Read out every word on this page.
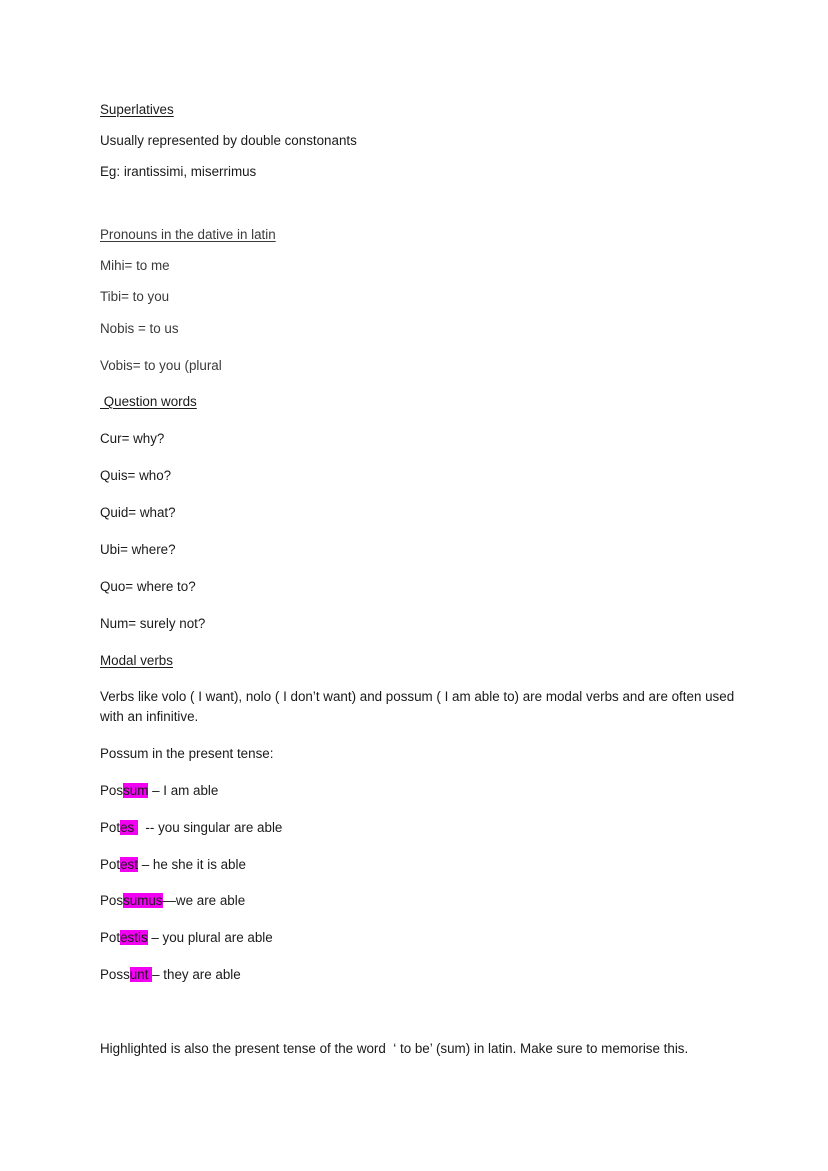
Superlatives
Usually represented by double constonants
Eg: irantissimi, miserrimus
Pronouns in the dative in latin
Mihi= to me
Tibi= to you
Nobis = to us
Vobis= to you (plural
Question words
Cur= why?
Quis= who?
Quid= what?
Ubi= where?
Quo= where to?
Num= surely not?
Modal verbs
Verbs like volo ( I want), nolo ( I don’t want) and possum ( I am able to) are modal verbs and are often used with an infinitive.
Possum in the present tense:
Possum – I am able
Potes   -- you singular are able
Potest – he she it is able
Possumus—we are able
Potestis – you plural are able
Possunt – they are able
Highlighted is also the present tense of the word  ‘ to be’ (sum) in latin. Make sure to memorise this.
